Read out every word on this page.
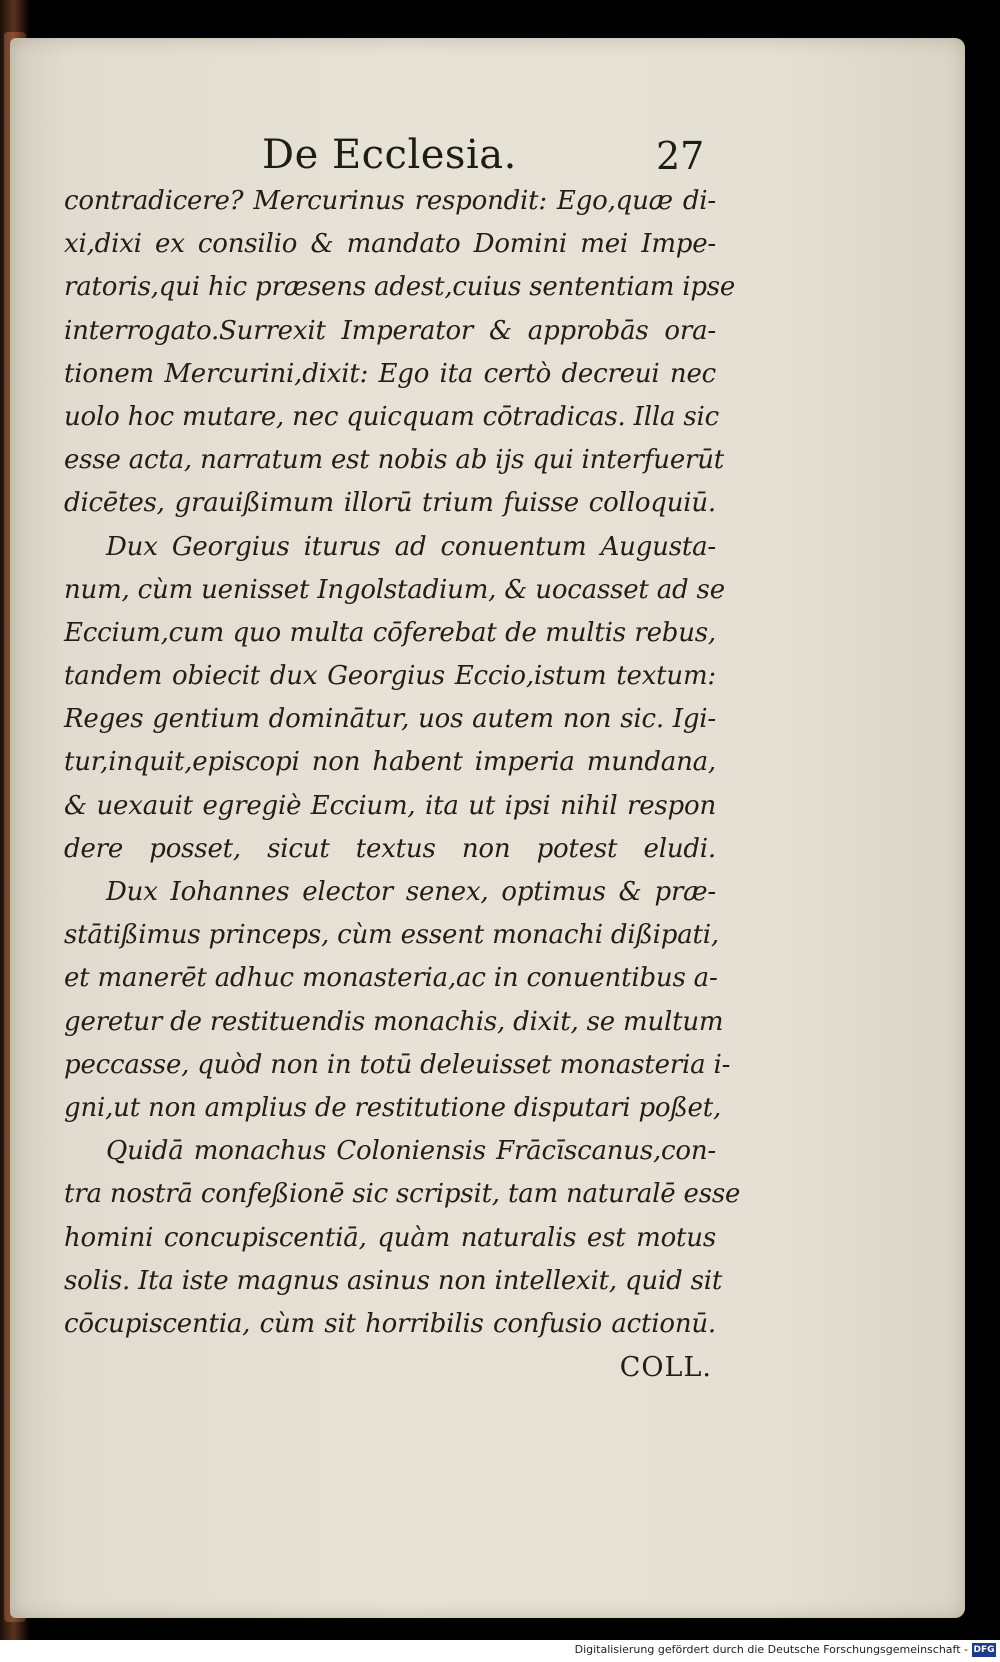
De Ecclesia.	27
contradicere? Mercurinus respondit: Ego,quæ di-
xi,dixi ex consilio & mandato Domini mei Impe-
ratoris,qui hic præsens adest,cuius sententiam ipse
interrogato.Surrexit Imperator & approbās ora-
tionem Mercurini,dixit: Ego ita certò decreui nec
uolo hoc mutare, nec quicquam cōtradicas. Illa sic
esse acta, narratum est nobis ab ijs qui interfuerūt
dicētes, grauißimum illorū trium fuisse colloquiū.
Dux Georgius iturus ad conuentum Augusta-
num, cùm uenisset Ingolstadium, & uocasset ad se
Eccium,cum quo multa cōferebat de multis rebus,
tandem obiecit dux Georgius Eccio,istum textum:
Reges gentium dominātur, uos autem non sic. Igi-
tur,inquit,episcopi non habent imperia mundana,
& uexauit egregiè Eccium, ita ut ipsi nihil respon
dere posset, sicut textus non potest eludi.
Dux Iohannes elector senex, optimus & præ-
stātißimus princeps, cùm essent monachi dißipati,
et manerēt adhuc monasteria,ac in conuentibus a-
geretur de restituendis monachis, dixit, se multum
peccasse, quòd non in totū deleuisset monasteria i-
gni,ut non amplius de restitutione disputari poßet,
Quidā monachus Coloniensis Frācīscanus,con-
tra nostrā confeßionē sic scripsit, tam naturalē esse
homini concupiscentiā, quàm naturalis est motus
solis. Ita iste magnus asinus non intellexit, quid sit
cōcupiscentia, cùm sit horribilis confusio actionū.
COLL.
Digitalisierung gefördert durch die Deutsche Forschungsgemeinschaft - DFG
